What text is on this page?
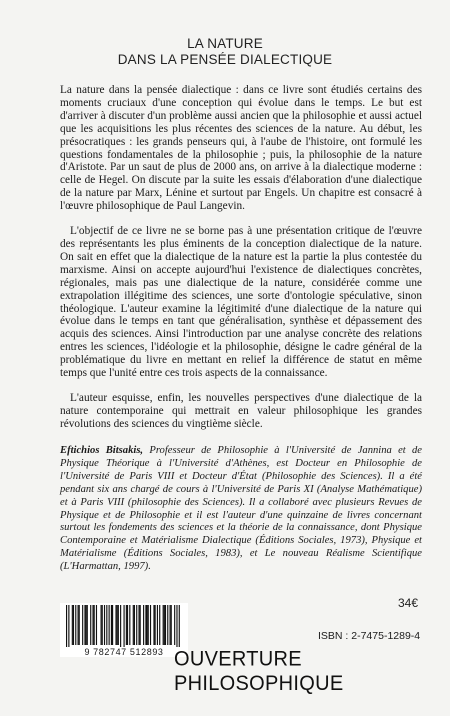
LA NATURE
DANS LA PENSÉE DIALECTIQUE

La nature dans la pensée dialectique : dans ce livre sont étudiés certains des moments cruciaux d'une conception qui évolue dans le temps. Le but est d'arriver à discuter d'un problème aussi ancien que la philosophie et aussi actuel que les acquisitions les plus récentes des sciences de la nature. Au début, les présocratiques : les grands penseurs qui, à l'aube de l'histoire, ont formulé les questions fondamentales de la philosophie ; puis, la philosophie de la nature d'Aristote. Par un saut de plus de 2000 ans, on arrive à la dialectique moderne : celle de Hegel. On discute par la suite les essais d'élaboration d'une dialectique de la nature par Marx, Lénine et surtout par Engels. Un chapitre est consacré à l'œuvre philosophique de Paul Langevin.

L'objectif de ce livre ne se borne pas à une présentation critique de l'œuvre des représentants les plus éminents de la conception dialectique de la nature. On sait en effet que la dialectique de la nature est la partie la plus contestée du marxisme. Ainsi on accepte aujourd'hui l'existence de dialectiques concrètes, régionales, mais pas une dialectique de la nature, considérée comme une extrapolation illégitime des sciences, une sorte d'ontologie spéculative, sinon théologique. L'auteur examine la légitimité d'une dialectique de la nature qui évolue dans le temps en tant que généralisation, synthèse et dépassement des acquis des sciences. Ainsi l'introduction par une analyse concrète des relations entres les sciences, l'idéologie et la philosophie, désigne le cadre général de la problématique du livre en mettant en relief la différence de statut en même temps que l'unité entre ces trois aspects de la connaissance.

L'auteur esquisse, enfin, les nouvelles perspectives d'une dialectique de la nature contemporaine qui mettrait en valeur philosophique les grandes révolutions des sciences du vingtième siècle.

Eftichios Bitsakis, Professeur de Philosophie à l'Université de Jannina et de Physique Théorique à l'Université d'Athènes, est Docteur en Philosophie de l'Université de Paris VIII et Docteur d'État (Philosophie des Sciences). Il a été pendant six ans chargé de cours à l'Université de Paris XI (Analyse Mathématique) et à Paris VIII (philosophie des Sciences). Il a collaboré avec plusieurs Revues de Physique et de Philosophie et il est l'auteur d'une quinzaine de livres concernant surtout les fondements des sciences et la théorie de la connaissance, dont Physique Contemporaine et Matérialisme Dialectique (Éditions Sociales, 1973), Physique et Matérialisme (Éditions Sociales, 1983), et Le nouveau Réalisme Scientifique (L'Harmattan, 1997).
34€
9 782747 512893
ISBN : 2-7475-1289-4
OUVERTURE PHILOSOPHIQUE
